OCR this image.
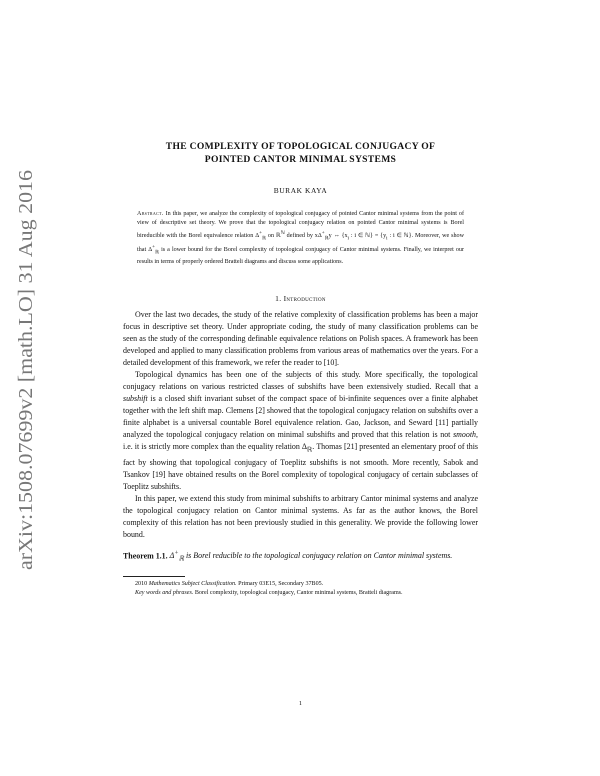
arXiv:1508.07699v2 [math.LO] 31 Aug 2016
THE COMPLEXITY OF TOPOLOGICAL CONJUGACY OF
POINTED CANTOR MINIMAL SYSTEMS
BURAK KAYA
Abstract. In this paper, we analyze the complexity of topological conjugacy of pointed Cantor minimal systems from the point of view of descriptive set theory. We prove that the topological conjugacy relation on pointed Cantor minimal systems is Borel bireducible with the Borel equivalence relation $\Delta^+_ℝ$ on ℝ$^ℕ$ defined by $x\Delta^+_ℝy$ ⇔ {$x_i$ : i ∈ ℕ} = {$y_i$ : i ∈ ℕ}. Moreover, we show that $\Delta^+_ℝ$ is a lower bound for the Borel complexity of topological conjugacy of Cantor minimal systems. Finally, we interpret our results in terms of properly ordered Bratteli diagrams and discuss some applications.
1. Introduction

Over the last two decades, the study of the relative complexity of classification problems has been a major focus in descriptive set theory. Under appropriate coding, the study of many classification problems can be seen as the study of the corresponding definable equivalence relations on Polish spaces. A framework has been developed and applied to many classification problems from various areas of mathematics over the years. For a detailed development of this framework, we refer the reader to [10].

Topological dynamics has been one of the subjects of this study. More specifically, the topological conjugacy relations on various restricted classes of subshifts have been extensively studied. Recall that a subshift is a closed shift invariant subset of the compact space of bi-infinite sequences over a finite alphabet together with the left shift map. Clemens [2] showed that the topological conjugacy relation on subshifts over a finite alphabet is a universal countable Borel equivalence relation. Gao, Jackson, and Seward [11] partially analyzed the topological conjugacy relation on minimal subshifts and proved that this relation is not smooth, i.e. it is strictly more complex than the equality relation $\Delta_ℝ$. Thomas [21] presented an elementary proof of this fact by showing that topological conjugacy of Toeplitz subshifts is not smooth. More recently, Sabok and Tsankov [19] have obtained results on the Borel complexity of topological conjugacy of certain subclasses of Toeplitz subshifts.

In this paper, we extend this study from minimal subshifts to arbitrary Cantor minimal systems and analyze the topological conjugacy relation on Cantor minimal systems. As far as the author knows, the Borel complexity of this relation has not been previously studied in this generality. We provide the following lower bound.

Theorem 1.1. $\Delta^+_ℝ$ is Borel reducible to the topological conjugacy relation on Cantor minimal systems.

2010 Mathematics Subject Classification. Primary 03E15, Secondary 37B05.

Key words and phrases. Borel complexity, topological conjugacy, Cantor minimal systems, Bratteli diagrams.

1
